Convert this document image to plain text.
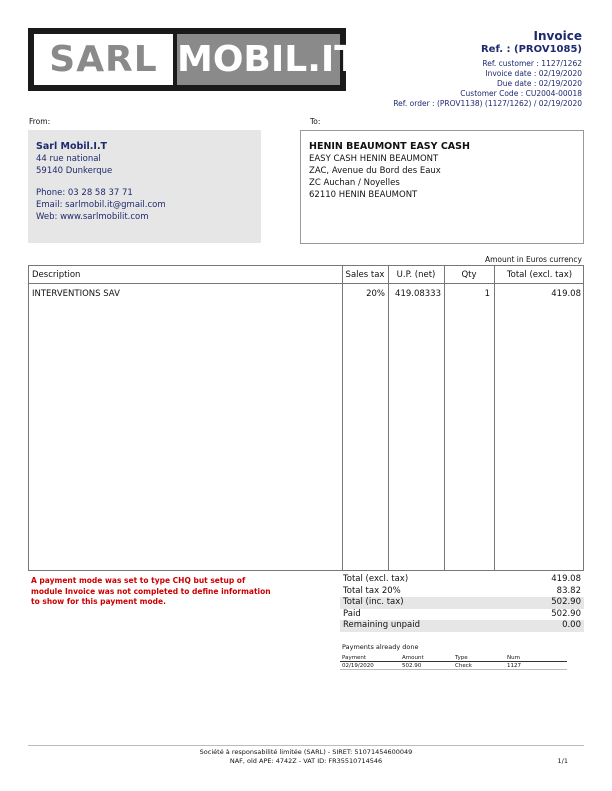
SARL MOBIL.IT
Invoice
Ref. : (PROV1085)
Ref. customer : 1127/1262
Invoice date : 02/19/2020
Due date : 02/19/2020
Customer Code : CU2004-00018
Ref. order : (PROV1138) (1127/1262) / 02/19/2020
From:	To:
Sarl Mobil.I.T
44 rue national
59140 Dunkerque
Phone: 03 28 58 37 71
Email: sarlmobil.it@gmail.com
Web: www.sarlmobilit.com
HENIN BEAUMONT EASY CASH
EASY CASH HENIN BEAUMONT
ZAC, Avenue du Bord des Eaux
ZC Auchan / Noyelles
62110 HENIN BEAUMONT
Amount in Euros currency
Description	Sales tax	U.P. (net)	Qty	Total (excl. tax)
INTERVENTIONS SAV	20%	419.08333	1	419.08
A payment mode was set to type CHQ but setup of module Invoice was not completed to define information to show for this payment mode.
Total (excl. tax)	419.08
Total tax 20%	83.82
Total (inc. tax)	502.90
Paid	502.90
Remaining unpaid	0.00
Payments already done
Payment	Amount	Type	Num
02/19/2020	502.90	Check	1127
Société à responsabilité limitée (SARL) - SIRET: 51071454600049
NAF, old APE: 4742Z - VAT ID: FR35510714546	1/1
